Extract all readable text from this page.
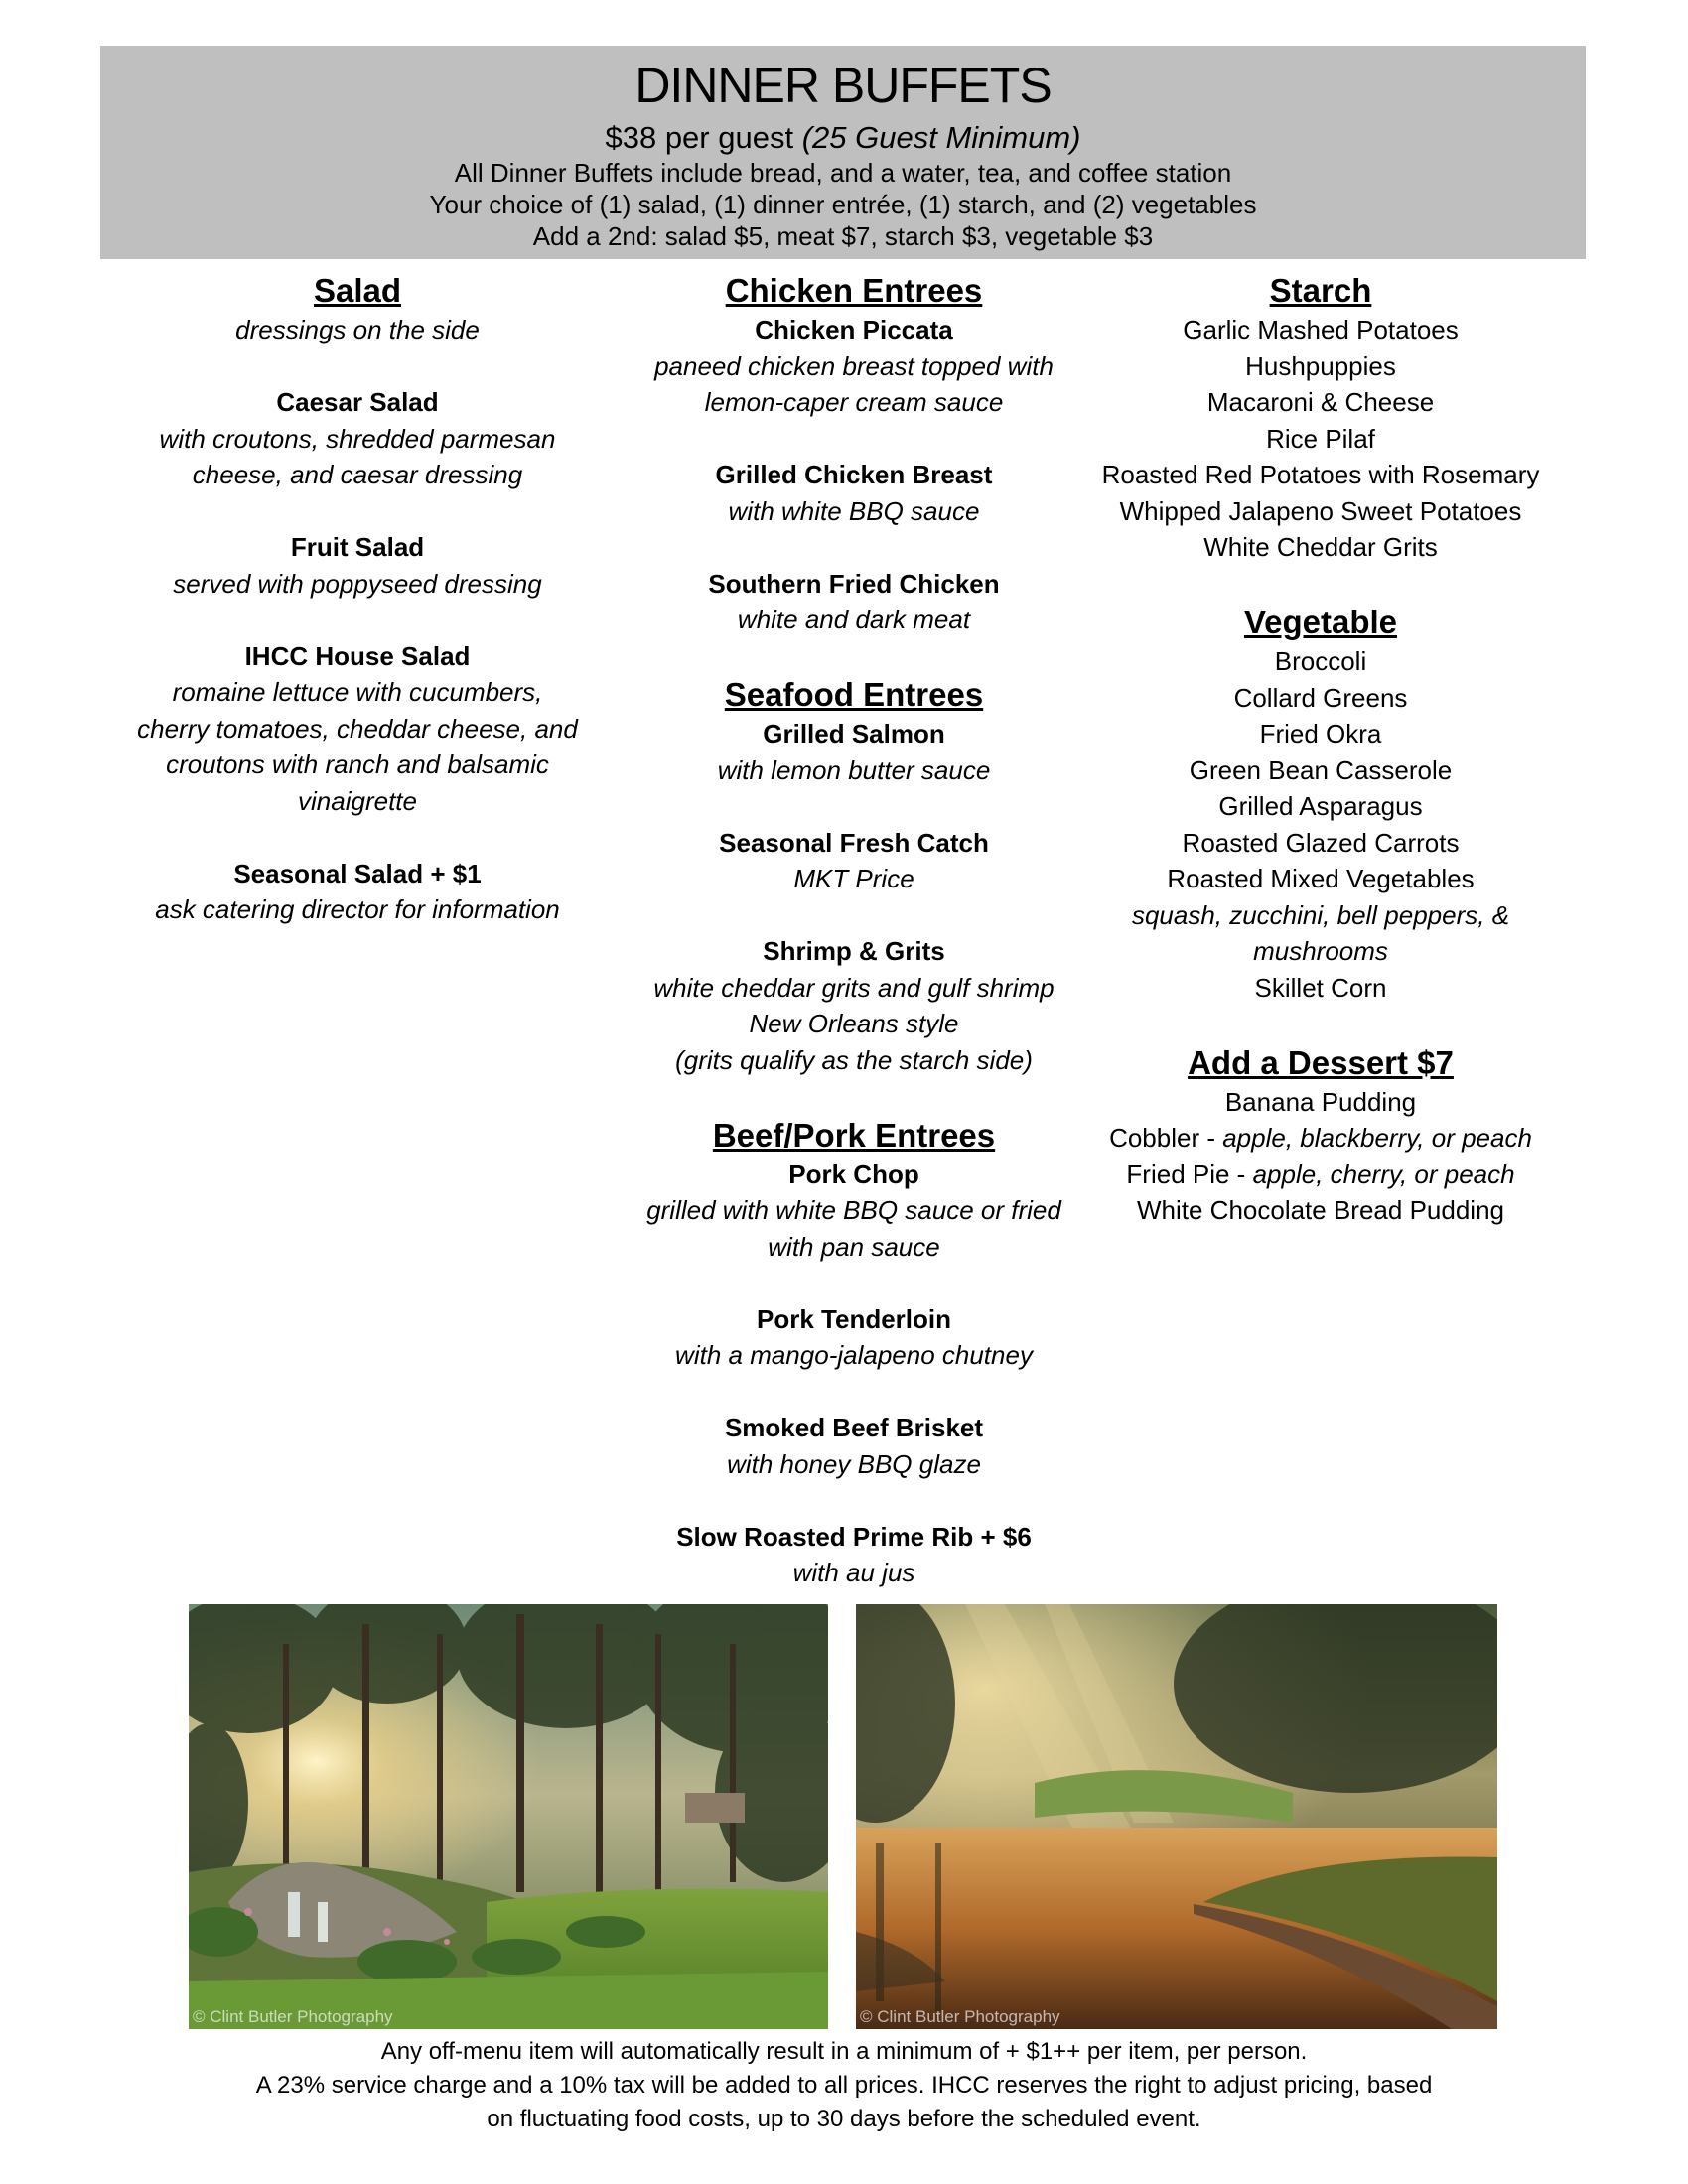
DINNER BUFFETS
$38 per guest (25 Guest Minimum)
All Dinner Buffets include bread, and a water, tea, and coffee station
Your choice of (1) salad, (1) dinner entrée, (1) starch, and (2) vegetables
Add a 2nd: salad $5, meat $7, starch $3, vegetable $3
Salad
dressings on the side
Caesar Salad
with croutons, shredded parmesan
cheese, and caesar dressing
Fruit Salad
served with poppyseed dressing
IHCC House Salad
romaine lettuce with cucumbers,
cherry tomatoes, cheddar cheese, and
croutons with ranch and balsamic
vinaigrette
Seasonal Salad + $1
ask catering director for information
Chicken Entrees
Chicken Piccata
paneed chicken breast topped with
lemon-caper cream sauce
Grilled Chicken Breast
with white BBQ sauce
Southern Fried Chicken
white and dark meat
Seafood Entrees
Grilled Salmon
with lemon butter sauce
Seasonal Fresh Catch
MKT Price
Shrimp & Grits
white cheddar grits and gulf shrimp
New Orleans style
(grits qualify as the starch side)
Beef/Pork Entrees
Pork Chop
grilled with white BBQ sauce or fried
with pan sauce
Pork Tenderloin
with a mango-jalapeno chutney
Smoked Beef Brisket
with honey BBQ glaze
Slow Roasted Prime Rib + $6
with au jus
Starch
Garlic Mashed Potatoes
Hushpuppies
Macaroni & Cheese
Rice Pilaf
Roasted Red Potatoes with Rosemary
Whipped Jalapeno Sweet Potatoes
White Cheddar Grits
Vegetable
Broccoli
Collard Greens
Fried Okra
Green Bean Casserole
Grilled Asparagus
Roasted Glazed Carrots
Roasted Mixed Vegetables
squash, zucchini, bell peppers, &
mushrooms
Skillet Corn
Add a Dessert $7
Banana Pudding
Cobbler - apple, blackberry, or peach
Fried Pie - apple, cherry, or peach
White Chocolate Bread Pudding
© Clint Butler Photography	© Clint Butler Photography
Any off-menu item will automatically result in a minimum of + $1++ per item, per person.
A 23% service charge and a 10% tax will be added to all prices. IHCC reserves the right to adjust pricing, based
on fluctuating food costs, up to 30 days before the scheduled event.
